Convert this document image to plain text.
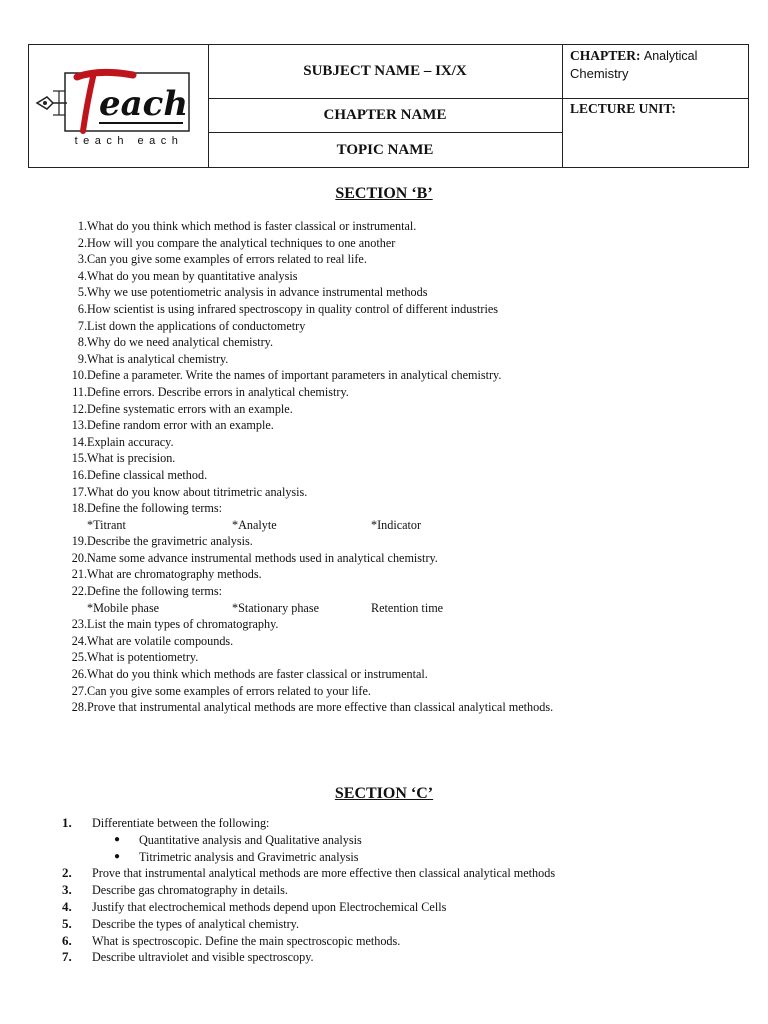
each
teach each
SUBJECT NAME – IX/X
CHAPTER NAME
TOPIC NAME
CHAPTER: Analytical
Chemistry
LECTURE UNIT:
SECTION ‘B’
1. What do you think which method is faster classical or instrumental.
2. How will you compare the analytical techniques to one another
3. Can you give some examples of errors related to real life.
4. What do you mean by quantitative analysis
5. Why we use potentiometric analysis in advance instrumental methods
6. How scientist is using infrared spectroscopy in quality control of different industries
7. List down the applications of conductometry
8. Why do we need analytical chemistry.
9. What is analytical chemistry.
10. Define a parameter. Write the names of important parameters in analytical chemistry.
11. Define errors. Describe errors in analytical chemistry.
12. Define systematic errors with an example.
13. Define random error with an example.
14. Explain accuracy.
15. What is precision.
16. Define classical method.
17. What do you know about titrimetric analysis.
18. Define the following terms:
*Titrant	*Analyte	*Indicator
19. Describe the gravimetric analysis.
20. Name some advance instrumental methods used in analytical chemistry.
21. What are chromatography methods.
22. Define the following terms:
*Mobile phase	*Stationary phase	Retention time
23. List the main types of chromatography.
24. What are volatile compounds.
25. What is potentiometry.
26. What do you think which methods are faster classical or instrumental.
27. Can you give some examples of errors related to your life.
28. Prove that instrumental analytical methods are more effective than classical analytical methods.
SECTION ‘C’
1.	Differentiate between the following:
●	Quantitative analysis and Qualitative analysis
●	Titrimetric analysis and Gravimetric analysis
2.	Prove that instrumental analytical methods are more effective then classical analytical methods
3.	Describe gas chromatography in details.
4.	Justify that electrochemical methods depend upon Electrochemical Cells
5.	Describe the types of analytical chemistry.
6.	What is spectroscopic. Define the main spectroscopic methods.
7.	Describe ultraviolet and visible spectroscopy.
